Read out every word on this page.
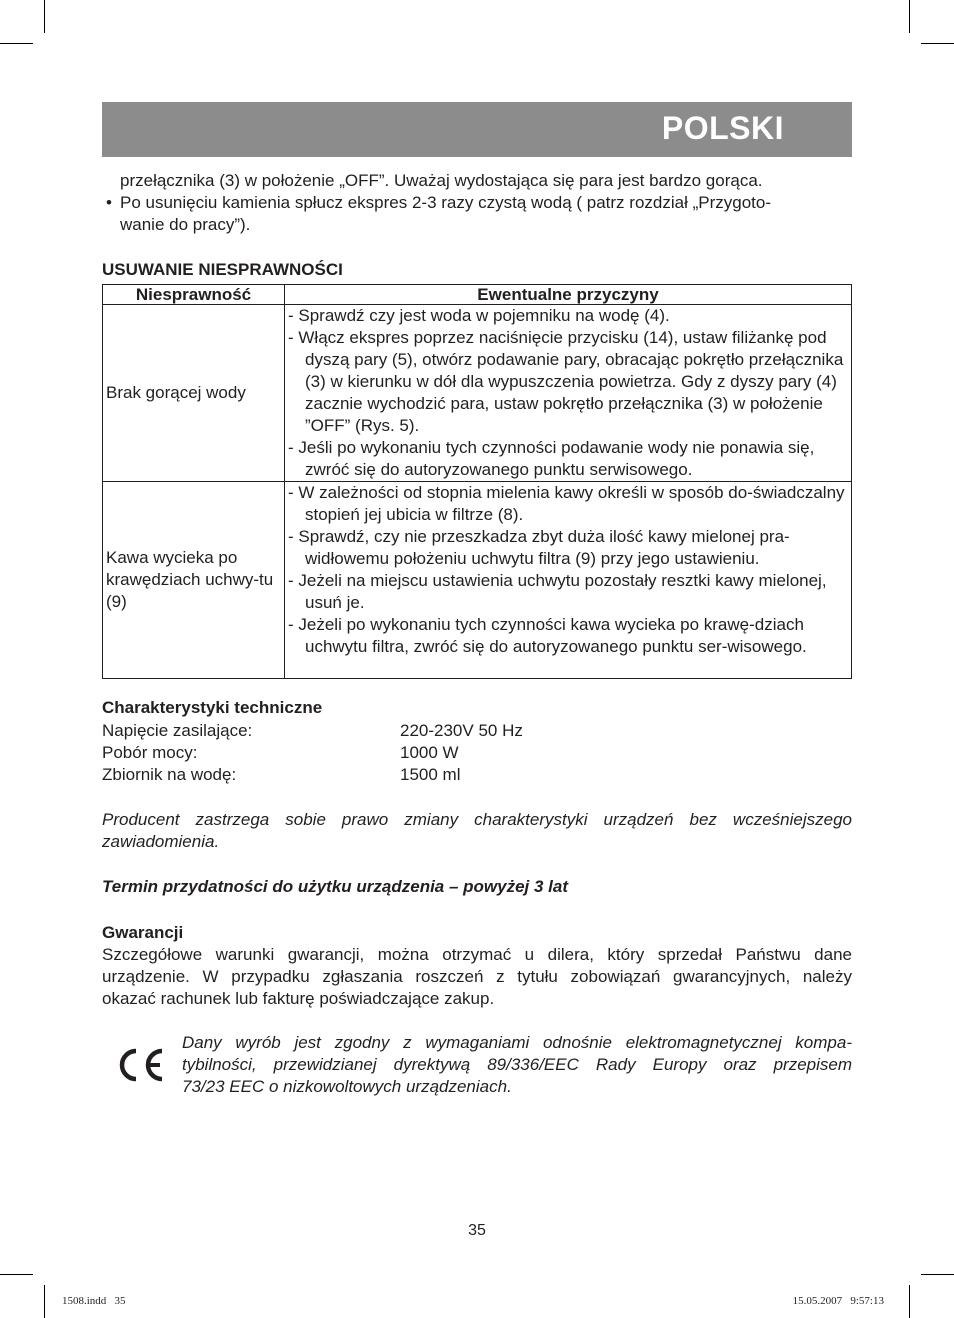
POLSKI
przełącznika (3) w położenie „OFF”. Uważaj wydostająca się para jest bardzo gorąca.
• Po usunięciu kamienia spłucz ekspres 2-3 razy czystą wodą ( patrz rozdział „Przygoto-
wanie do pracy”).
USUWANIE NIESPRAWNOŚCI
Niesprawność	Ewentualne przyczyny
Brak gorącej wody	- Sprawdź czy jest woda w pojemniku na wodę (4).
- Włącz ekspres poprzez naciśnięcie przycisku (14), ustaw filiżankę pod dyszą pary (5), otwórz podawanie pary, obracając pokrętło przełącznika (3) w kierunku w dół dla wypuszczenia powietrza. Gdy z dyszy pary (4) zacznie wychodzić para, ustaw pokrętło przełącznika (3) w położenie ”OFF” (Rys. 5).
- Jeśli po wykonaniu tych czynności podawanie wody nie ponawia się, zwróć się do autoryzowanego punktu serwisowego.

Kawa wycieka po krawędziach uchwy-tu (9)	- W zależności od stopnia mielenia kawy określi w sposób do-świadczalny stopień jej ubicia w filtrze (8).
- Sprawdź, czy nie przeszkadza zbyt duża ilość kawy mielonej pra-widłowemu położeniu uchwytu filtra (9) przy jego ustawieniu.
- Jeżeli na miejscu ustawienia uchwytu pozostały resztki kawy mielonej, usuń je.
- Jeżeli po wykonaniu tych czynności kawa wycieka po krawę-dziach uchwytu filtra, zwróć się do autoryzowanego punktu ser-wisowego.
Charakterystyki techniczne
Napięcie zasilające:	220-230V 50 Hz
Pobór mocy:	1000 W
Zbiornik na wodę:	1500 ml
Producent zastrzega sobie prawo zmiany charakterystyki urządzeń bez wcześniejszego
zawiadomienia.
Termin przydatności do użytku urządzenia – powyżej 3 lat
Gwarancji
Szczegółowe warunki gwarancji, można otrzymać u dilera, który sprzedał Państwu dane
urządzenie. W przypadku zgłaszania roszczeń z tytułu zobowiązań gwarancyjnych, należy
okazać rachunek lub fakturę poświadczające zakup.
Dany wyrób jest zgodny z wymaganiami odnośnie elektromagnetycznej kompa-
tybilności, przewidzianej dyrektywą 89/336/EEC Rady Europy oraz przepisem
73/23 EEC o nizkowoltowych urządzeniach.
35
1508.indd   35	15.05.2007   9:57:13
